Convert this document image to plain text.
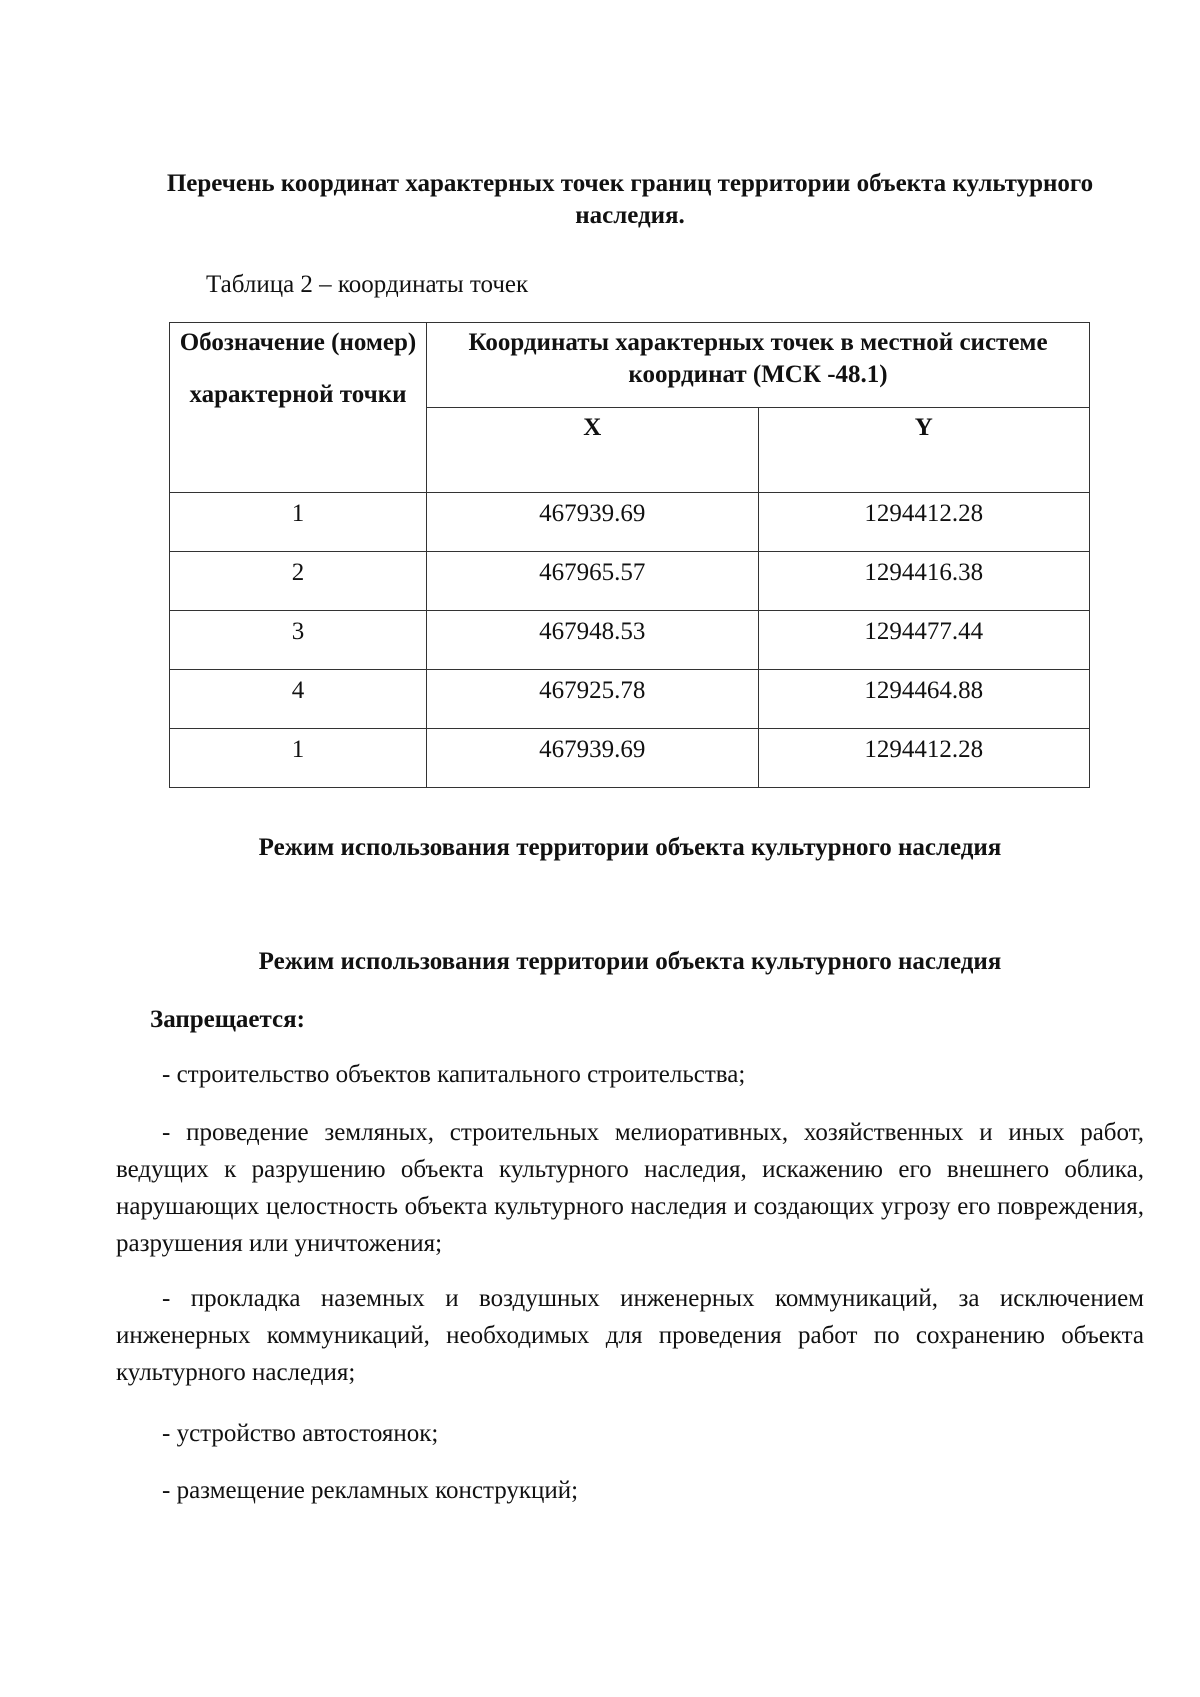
Перечень координат характерных точек границ территории объекта культурного наследия.

Таблица 2 – координаты точек

Обозначение (номер)
характерной точки	Координаты характерных точек в местной системе координат (МСК -48.1)	
	X	Y
1	467939.69	1294412.28
2	467965.57	1294416.38
3	467948.53	1294477.44
4	467925.78	1294464.88
1	467939.69	1294412.28

Режим использования территории объекта культурного наследия

Режим использования территории объекта культурного наследия

Запрещается:

- строительство объектов капитального строительства;

- проведение земляных, строительных мелиоративных, хозяйственных и иных работ, ведущих к разрушению объекта культурного наследия, искажению его внешнего облика, нарушающих целостность объекта культурного наследия и создающих угрозу его повреждения, разрушения или уничтожения;

- прокладка наземных и воздушных инженерных коммуникаций, за исключением инженерных коммуникаций, необходимых для проведения работ по сохранению объекта культурного наследия;

- устройство автостоянок;

- размещение рекламных конструкций;
